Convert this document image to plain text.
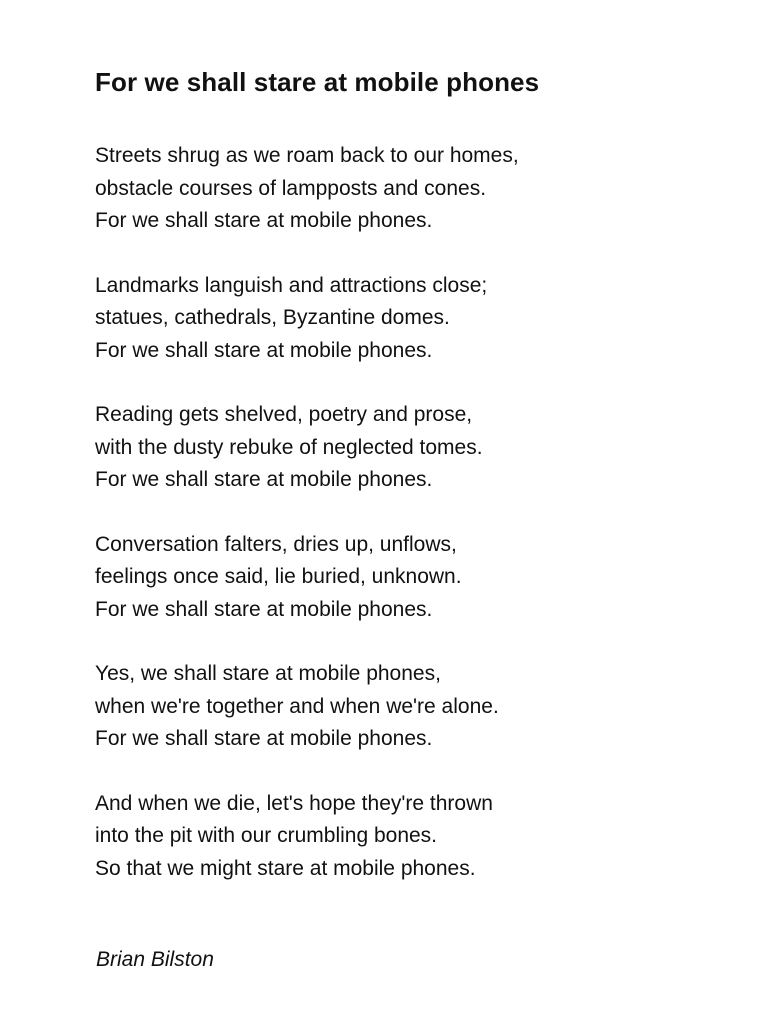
For we shall stare at mobile phones

Streets shrug as we roam back to our homes,
obstacle courses of lampposts and cones.
For we shall stare at mobile phones.

Landmarks languish and attractions close;
statues, cathedrals, Byzantine domes.
For we shall stare at mobile phones.

Reading gets shelved, poetry and prose,
with the dusty rebuke of neglected tomes.
For we shall stare at mobile phones.

Conversation falters, dries up, unflows,
feelings once said, lie buried, unknown.
For we shall stare at mobile phones.

Yes, we shall stare at mobile phones,
when we're together and when we're alone.
For we shall stare at mobile phones.

And when we die, let's hope they're thrown
into the pit with our crumbling bones.
So that we might stare at mobile phones.

Brian Bilston
